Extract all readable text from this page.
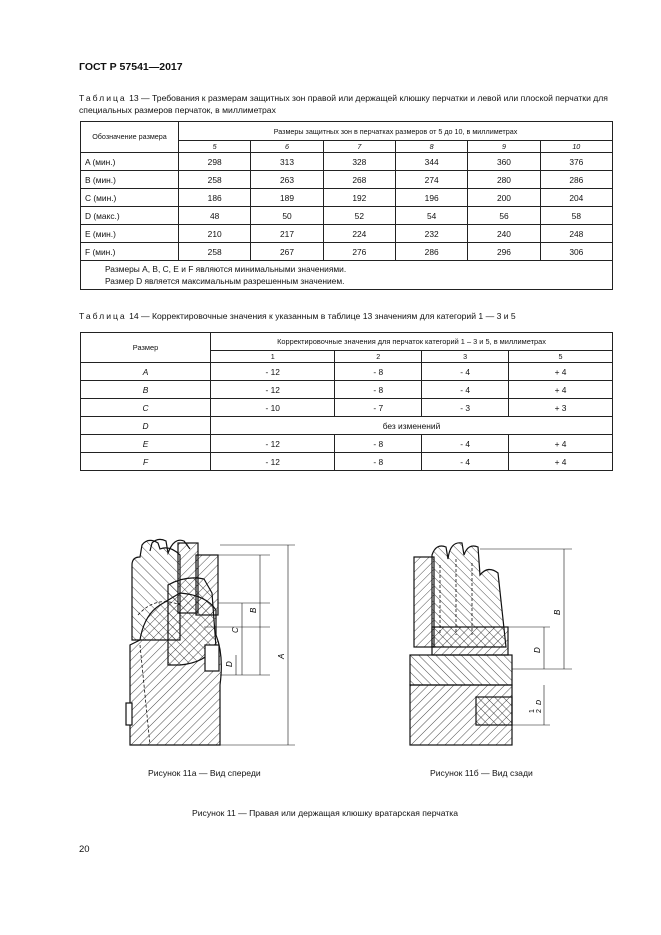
ГОСТ Р 57541—2017
Таблица 13 — Требования к размерам защитных зон правой или держащей клюшку перчатки и левой или плоской перчатки для специальных размеров перчаток, в миллиметрах
Обозначение размера	Размеры защитных зон в перчатках размеров от 5 до 10, в миллиметрах					
	5	6	7	8	9	10
A (мин.)	298	313	328	344	360	376
B (мин.)	258	263	268	274	280	286
C (мин.)	186	189	192	196	200	204
D (макс.)	48	50	52	54	56	58
E (мин.)	210	217	224	232	240	248
F (мин.)	258	267	276	286	296	306

Размеры A, B, C, E и F являются минимальными значениями.
Размер D является максимальным разрешенным значением.						
Таблица 14 — Корректировочные значения к указанным в таблице 13 значениям для категорий 1 — 3 и 5
Размер	Корректировочные значения для перчаток категорий 1 – 3 и 5, в миллиметрах			
	1	2	3	5
A	- 12	- 8	- 4	+ 4
B	- 12	- 8	- 4	+ 4
C	- 10	- 7	- 3	+ 3
D	без изменений			
E	- 12	- 8	- 4	+ 4
F	- 12	- 8	- 4	+ 4
D
C
B
A
B
D
1 2
D
Рисунок 11а — Вид спереди	Рисунок 11б — Вид сзади
Рисунок 11 — Правая или держащая клюшку вратарская перчатка
20
